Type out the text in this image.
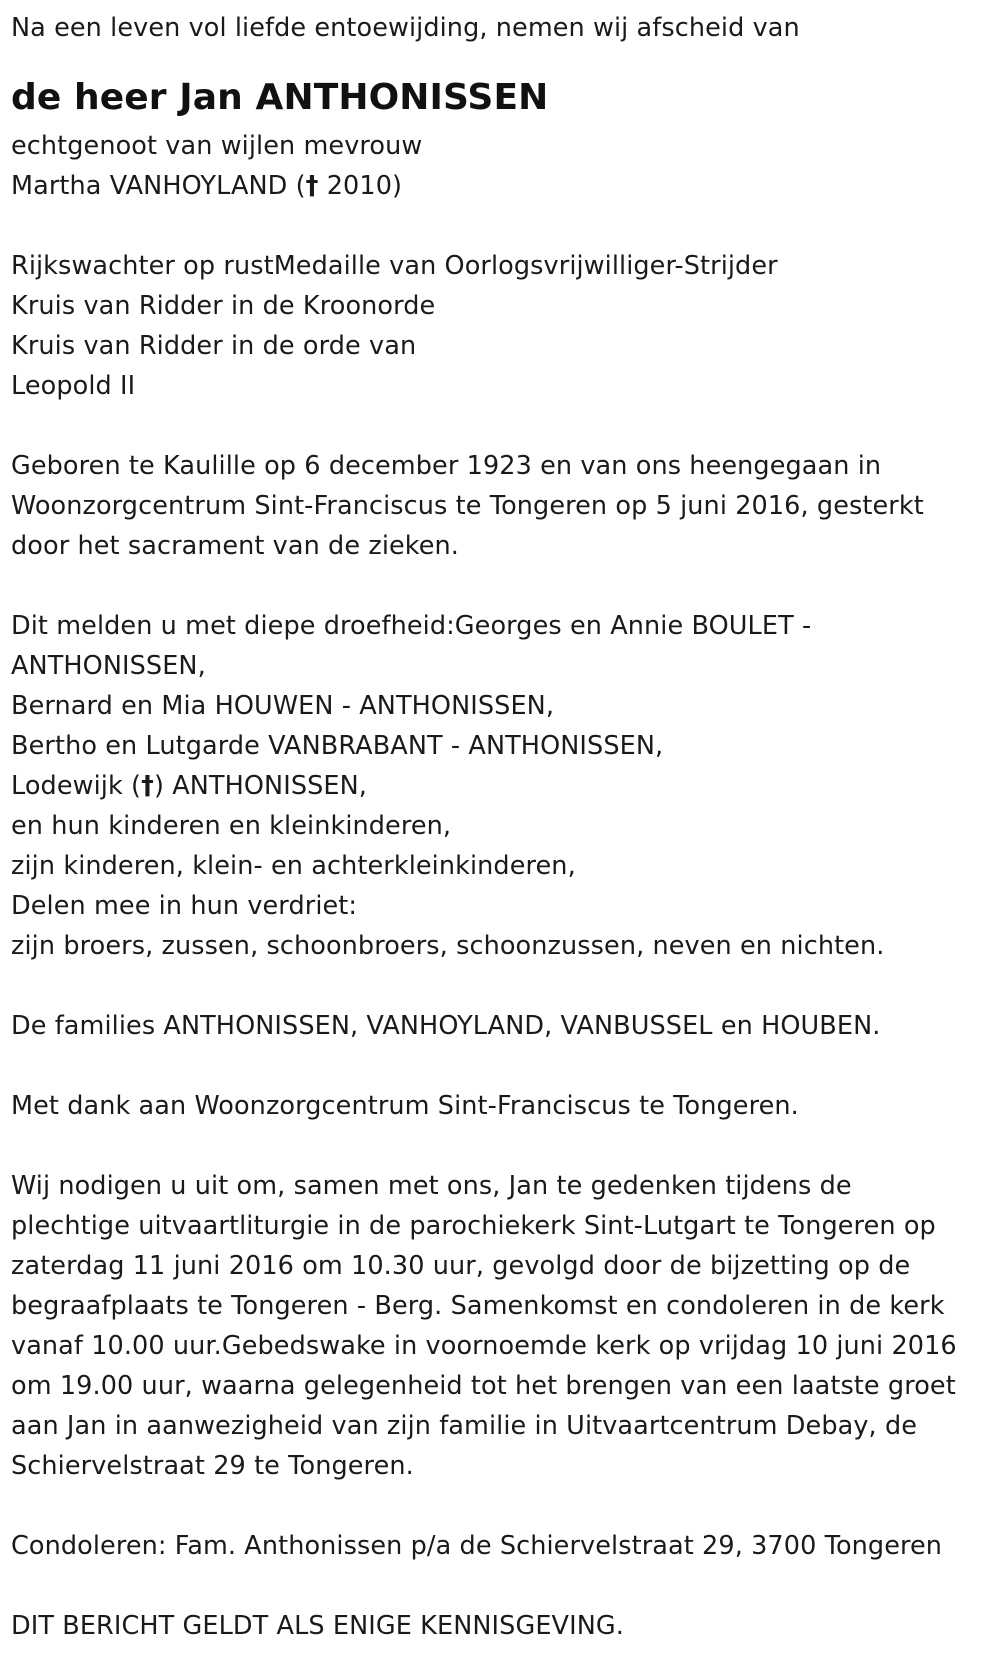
Na een leven vol liefde entoewijding, nemen wij afscheid van

de heer Jan ANTHONISSEN

echtgenoot van wijlen mevrouw

Martha VANHOYLAND († 2010)

Rijkswachter op rustMedaille van Oorlogsvrijwilliger-Strijder

Kruis van Ridder in de Kroonorde

Kruis van Ridder in de orde van

Leopold II

Geboren te Kaulille op 6 december 1923 en van ons heengegaan in

Woonzorgcentrum Sint-Franciscus te Tongeren op 5 juni 2016, gesterkt

door het sacrament van de zieken.

Dit melden u met diepe droefheid:Georges en Annie BOULET -

ANTHONISSEN,

Bernard en Mia HOUWEN - ANTHONISSEN,

Bertho en Lutgarde VANBRABANT - ANTHONISSEN,

Lodewijk (†) ANTHONISSEN,

en hun kinderen en kleinkinderen,

zijn kinderen, klein- en achterkleinkinderen,

Delen mee in hun verdriet:

zijn broers, zussen, schoonbroers, schoonzussen, neven en nichten.

De families ANTHONISSEN, VANHOYLAND, VANBUSSEL en HOUBEN.

Met dank aan Woonzorgcentrum Sint-Franciscus te Tongeren.

Wij nodigen u uit om, samen met ons, Jan te gedenken tijdens de

plechtige uitvaartliturgie in de parochiekerk Sint-Lutgart te Tongeren op

zaterdag 11 juni 2016 om 10.30 uur, gevolgd door de bijzetting op de

begraafplaats te Tongeren - Berg. Samenkomst en condoleren in de kerk

vanaf 10.00 uur.Gebedswake in voornoemde kerk op vrijdag 10 juni 2016

om 19.00 uur, waarna gelegenheid tot het brengen van een laatste groet

aan Jan in aanwezigheid van zijn familie in Uitvaartcentrum Debay, de

Schiervelstraat 29 te Tongeren.

Condoleren: Fam. Anthonissen p/a de Schiervelstraat 29, 3700 Tongeren

DIT BERICHT GELDT ALS ENIGE KENNISGEVING.
